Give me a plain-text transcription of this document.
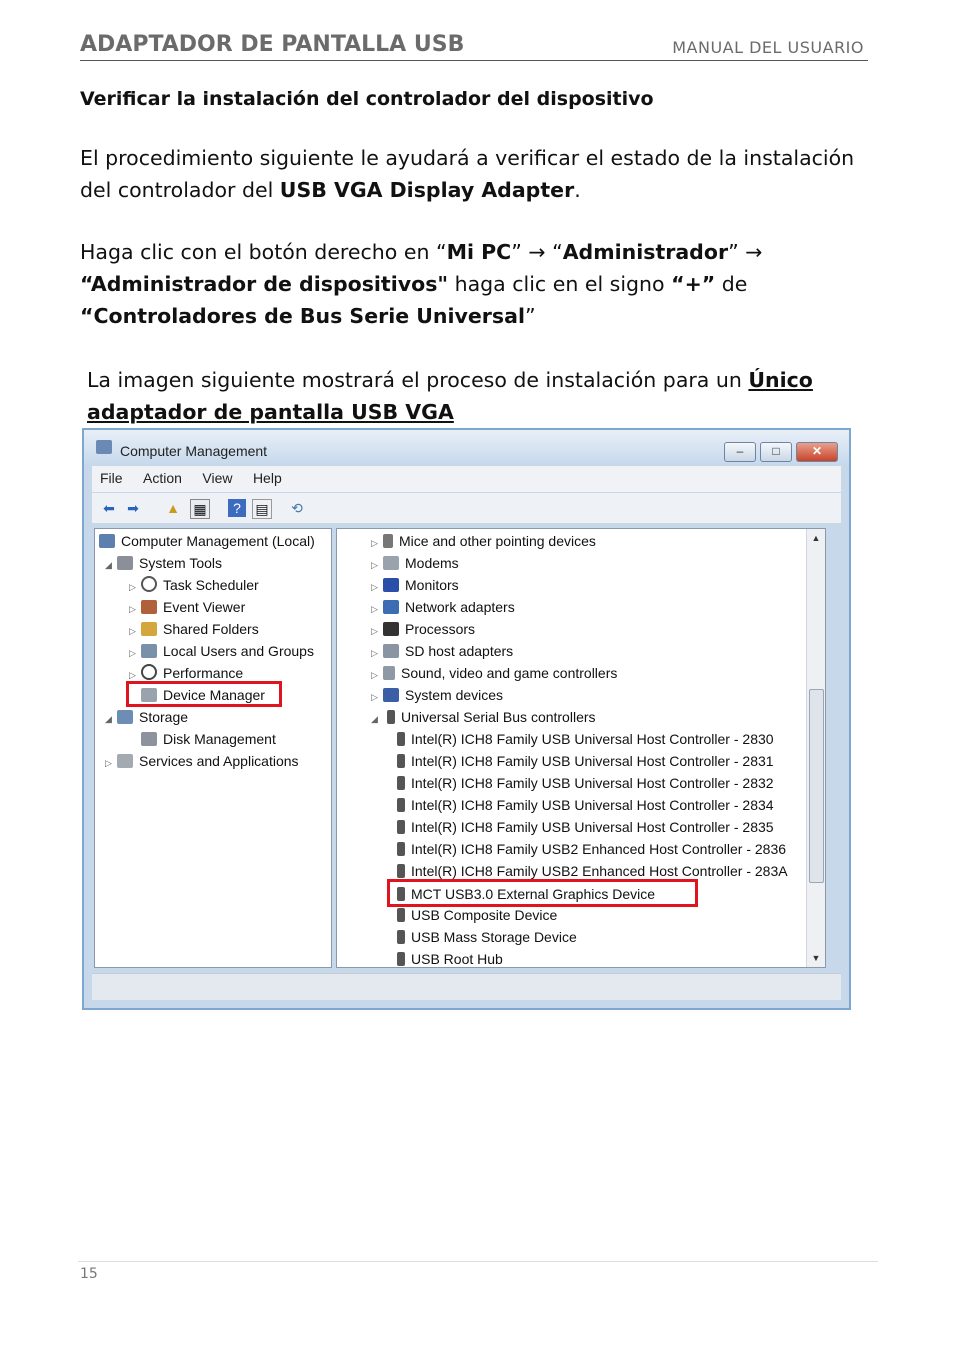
ADAPTADOR DE PANTALLA USB	MANUAL DEL USUARIO
Verificar la instalación del controlador del dispositivo
El procedimiento siguiente le ayudará a verificar el estado de la instalación del controlador del USB VGA Display Adapter.
Haga clic con el botón derecho en “Mi PC” → “Administrador” → “Administrador de dispositivos" haga clic en el signo “+” de “Controladores de Bus Serie Universal”
La imagen siguiente mostrará el proceso de instalación para un Único adaptador de pantalla USB VGA
Computer Management	–	□	✕
File Action View Help
⬅ ➡ ▲ ▦	?	▤ ⟲
Computer Management (Local)
◢ System Tools
▷ Task Scheduler
▷ Event Viewer
▷ Shared Folders
▷ Local Users and Groups
▷ Performance
Device Manager
◢ Storage
Disk Management
▷ Services and Applications
▷ Mice and other pointing devices
▷ Modems
▷ Monitors
▷ Network adapters
▷ Processors
▷ SD host adapters
▷ Sound, video and game controllers
▷ System devices
◢ Universal Serial Bus controllers
Intel(R) ICH8 Family USB Universal Host Controller - 2830
Intel(R) ICH8 Family USB Universal Host Controller - 2831
Intel(R) ICH8 Family USB Universal Host Controller - 2832
Intel(R) ICH8 Family USB Universal Host Controller - 2834
Intel(R) ICH8 Family USB Universal Host Controller - 2835
Intel(R) ICH8 Family USB2 Enhanced Host Controller - 2836
Intel(R) ICH8 Family USB2 Enhanced Host Controller - 283A
MCT USB3.0 External Graphics Device
USB Composite Device
USB Mass Storage Device
USB Root Hub
▲
▼
15
